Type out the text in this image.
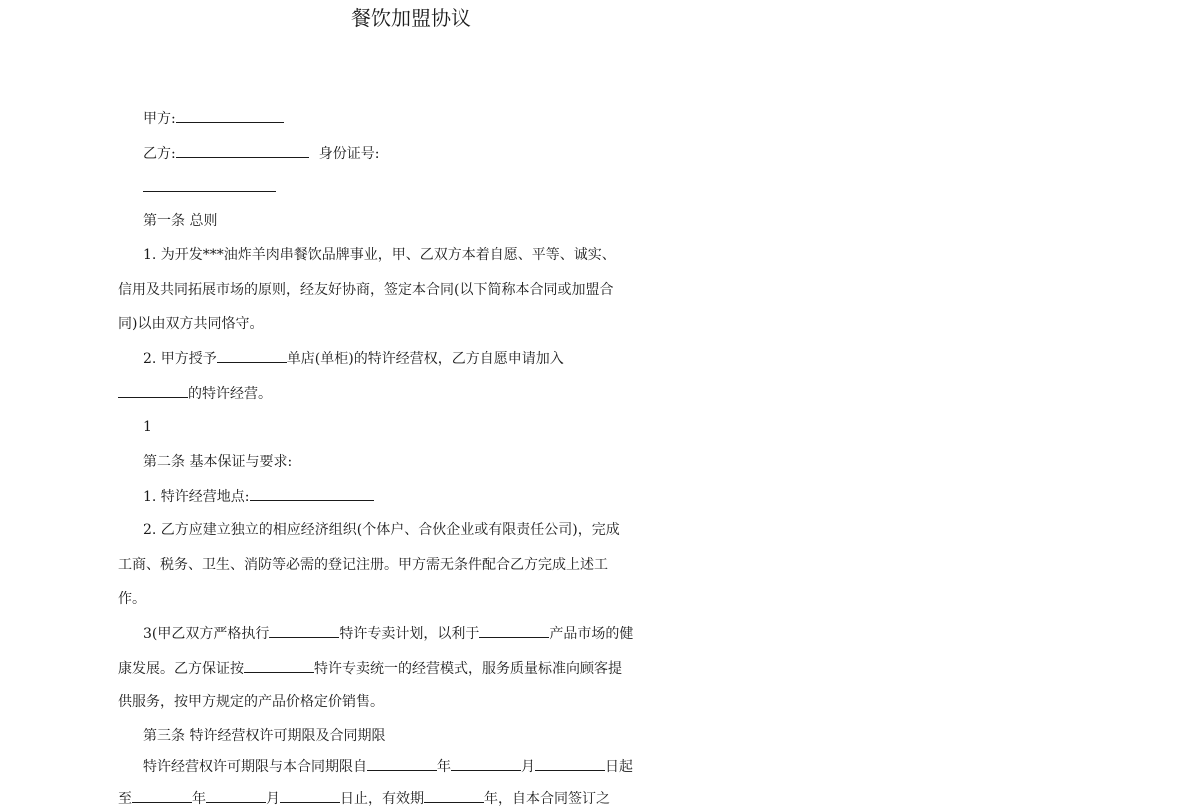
餐饮加盟协议
甲方:
乙方:	身份证号:
第一条 总则
1. 为开发***油炸羊肉串餐饮品牌事业，甲、乙双方本着自愿、平等、诚实、
信用及共同拓展市场的原则，经友好协商，签定本合同(以下简称本合同或加盟合
同)以由双方共同恪守。
2. 甲方授予	单店(单柜)的特许经营权，乙方自愿申请加入
的特许经营。
1
第二条 基本保证与要求:
1. 特许经营地点:
2. 乙方应建立独立的相应经济组织(个体户、合伙企业或有限责任公司)，完成
工商、税务、卫生、消防等必需的登记注册。甲方需无条件配合乙方完成上述工
作。
3(甲乙双方严格执行	特许专卖计划，以利于	产品市场的健
康发展。乙方保证按	特许专卖统一的经营模式，服务质量标准向顾客提
供服务，按甲方规定的产品价格定价销售。
第三条 特许经营权许可期限及合同期限
特许经营权许可期限与本合同期限自	年	月	日起
至	年	月	日止，有效期	年，自本合同签订之
